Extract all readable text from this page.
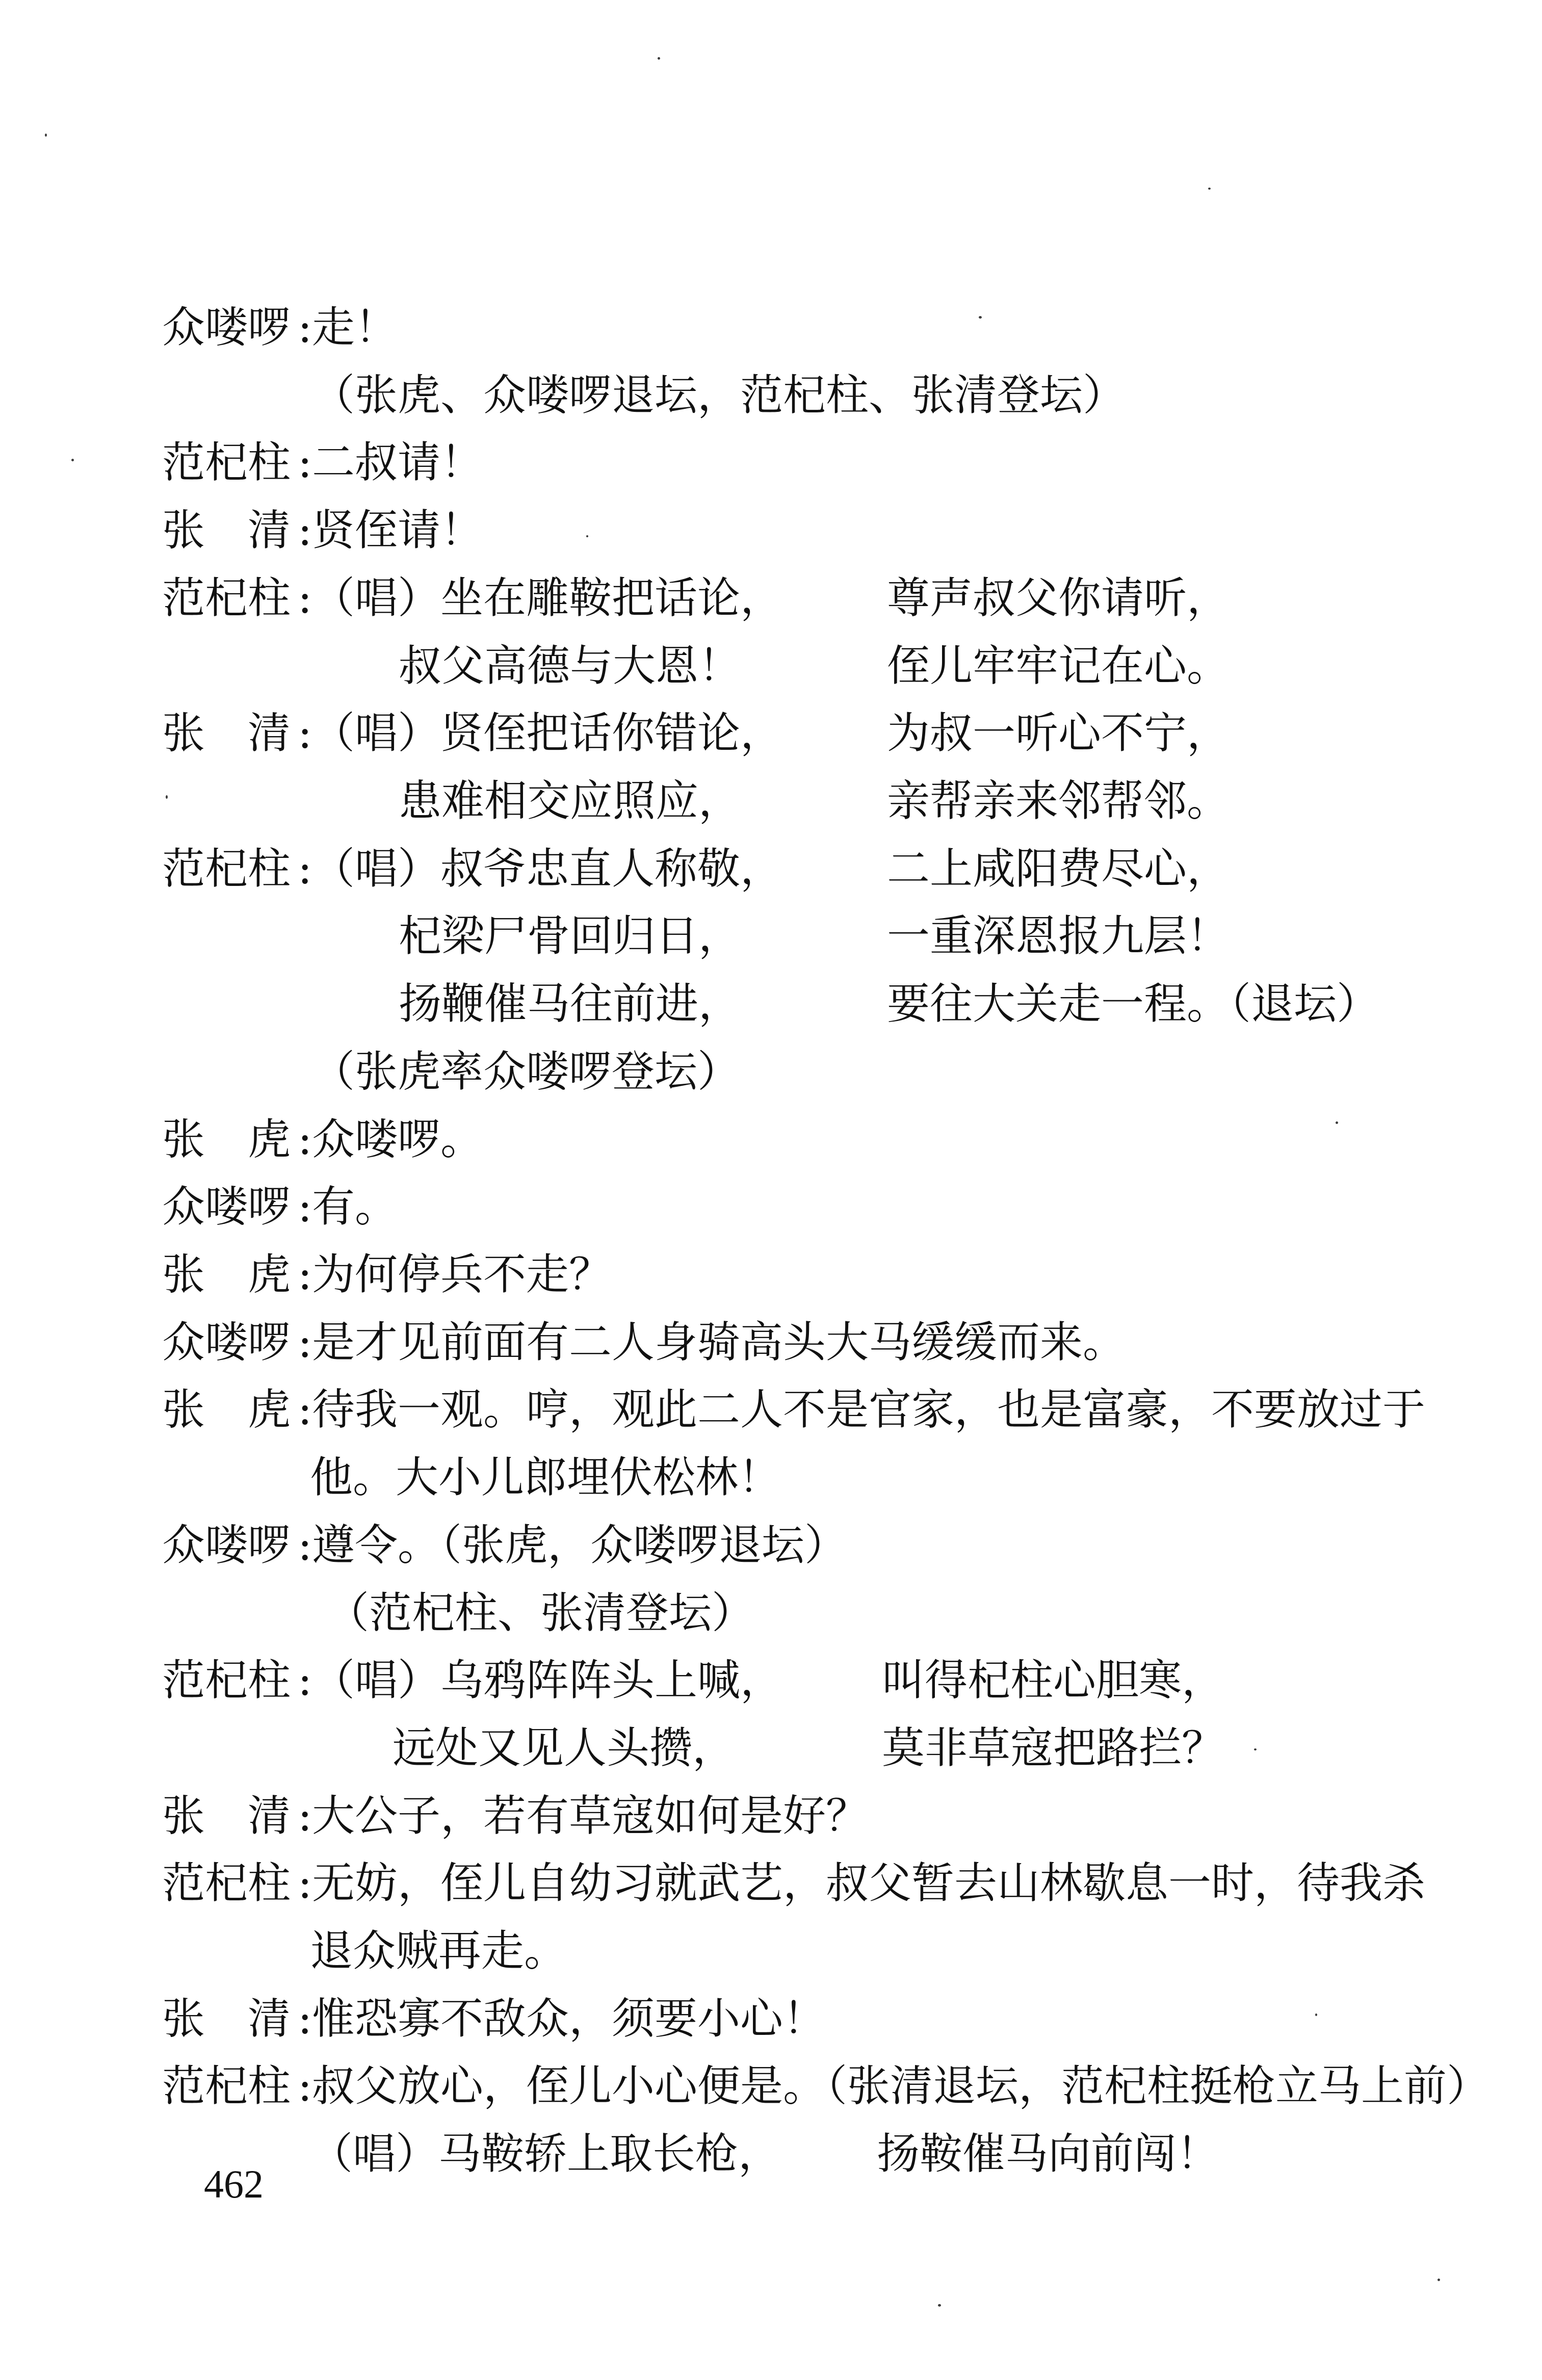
众喽啰 : 走！
（张虎、众喽啰退坛，范杞柱、张清登坛）
范杞柱 : 二叔请！
张　清 : 贤侄请！
范杞柱 : （唱）坐在雕鞍把话论， 尊声叔父你请听，
叔父高德与大恩！	侄儿牢牢记在心。
张　清 : （唱）贤侄把话你错论， 为叔一听心不宁，
患难相交应照应，	亲帮亲来邻帮邻。
范杞柱 : （唱）叔爷忠直人称敬， 二上咸阳费尽心，
杞梁尸骨回归日，	一重深恩报九层！
扬鞭催马往前进，	要往大关走一程。（退坛）
（张虎率众喽啰登坛）
张　虎 : 众喽啰。
众喽啰 : 有。
张　虎 : 为何停兵不走？
众喽啰 : 是才见前面有二人身骑高头大马缓缓而来。
张　虎 : 待我一观。哼，观此二人不是官家，也是富豪，不要放过于
他。大小儿郎埋伏松林！
众喽啰 : 遵令。（张虎，众喽啰退坛）
（范杞柱、张清登坛）
范杞柱 : （唱）乌鸦阵阵头上喊， 叫得杞柱心胆寒，
远处又见人头攒，	莫非草寇把路拦？
张　清 : 大公子，若有草寇如何是好？
范杞柱 : 无妨，侄儿自幼习就武艺，叔父暂去山林歇息一时，待我杀
退众贼再走。
张　清 : 惟恐寡不敌众，须要小心！
范杞柱 : 叔父放心，侄儿小心便是。（张清退坛，范杞柱挺枪立马上前）
（唱）马鞍轿上取长枪， 扬鞍催马向前闯！
462
